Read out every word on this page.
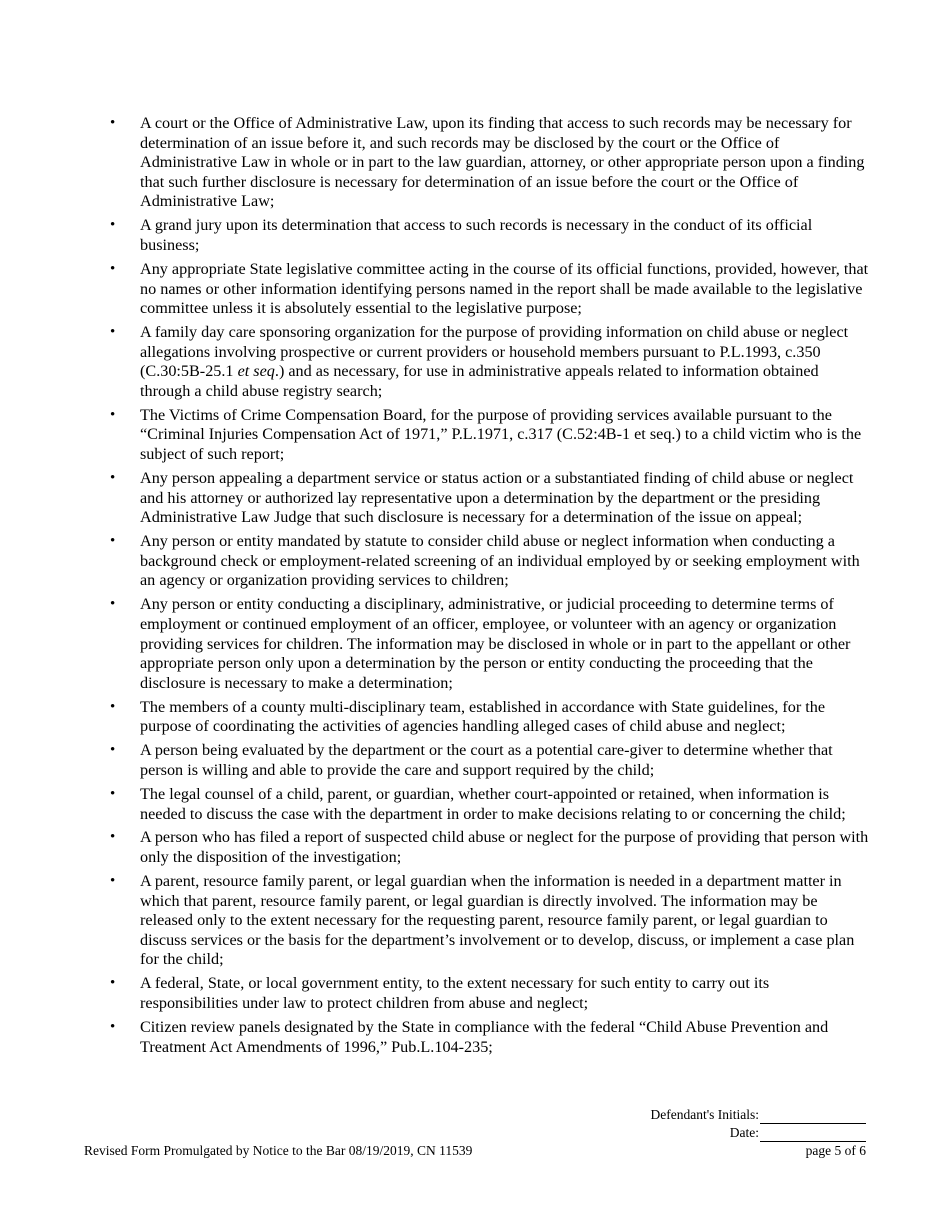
• A court or the Office of Administrative Law, upon its finding that access to such records may be necessary for determination of an issue before it, and such records may be disclosed by the court or the Office of Administrative Law in whole or in part to the law guardian, attorney, or other appropriate person upon a finding that such further disclosure is necessary for determination of an issue before the court or the Office of Administrative Law;
• A grand jury upon its determination that access to such records is necessary in the conduct of its official business;
• Any appropriate State legislative committee acting in the course of its official functions, provided, however, that no names or other information identifying persons named in the report shall be made available to the legislative committee unless it is absolutely essential to the legislative purpose;
• A family day care sponsoring organization for the purpose of providing information on child abuse or neglect allegations involving prospective or current providers or household members pursuant to P.L.1993, c.350 (C.30:5B-25.1 et seq.) and as necessary, for use in administrative appeals related to information obtained through a child abuse registry search;
• The Victims of Crime Compensation Board, for the purpose of providing services available pursuant to the “Criminal Injuries Compensation Act of 1971,” P.L.1971, c.317 (C.52:4B-1 et seq.) to a child victim who is the subject of such report;
• Any person appealing a department service or status action or a substantiated finding of child abuse or neglect and his attorney or authorized lay representative upon a determination by the department or the presiding Administrative Law Judge that such disclosure is necessary for a determination of the issue on appeal;
• Any person or entity mandated by statute to consider child abuse or neglect information when conducting a background check or employment-related screening of an individual employed by or seeking employment with an agency or organization providing services to children;
• Any person or entity conducting a disciplinary, administrative, or judicial proceeding to determine terms of employment or continued employment of an officer, employee, or volunteer with an agency or organization providing services for children. The information may be disclosed in whole or in part to the appellant or other appropriate person only upon a determination by the person or entity conducting the proceeding that the disclosure is necessary to make a determination;
• The members of a county multi-disciplinary team, established in accordance with State guidelines, for the purpose of coordinating the activities of agencies handling alleged cases of child abuse and neglect;
• A person being evaluated by the department or the court as a potential care-giver to determine whether that person is willing and able to provide the care and support required by the child;
• The legal counsel of a child, parent, or guardian, whether court-appointed or retained, when information is needed to discuss the case with the department in order to make decisions relating to or concerning the child;
• A person who has filed a report of suspected child abuse or neglect for the purpose of providing that person with only the disposition of the investigation;
• A parent, resource family parent, or legal guardian when the information is needed in a department matter in which that parent, resource family parent, or legal guardian is directly involved. The information may be released only to the extent necessary for the requesting parent, resource family parent, or legal guardian to discuss services or the basis for the department’s involvement or to develop, discuss, or implement a case plan for the child;
• A federal, State, or local government entity, to the extent necessary for such entity to carry out its responsibilities under law to protect children from abuse and neglect;
• Citizen review panels designated by the State in compliance with the federal “Child Abuse Prevention and Treatment Act Amendments of 1996,” Pub.L.104-235;
Defendant's Initials:
Date:
Revised Form Promulgated by Notice to the Bar 08/19/2019, CN 11539	page 5 of 6
